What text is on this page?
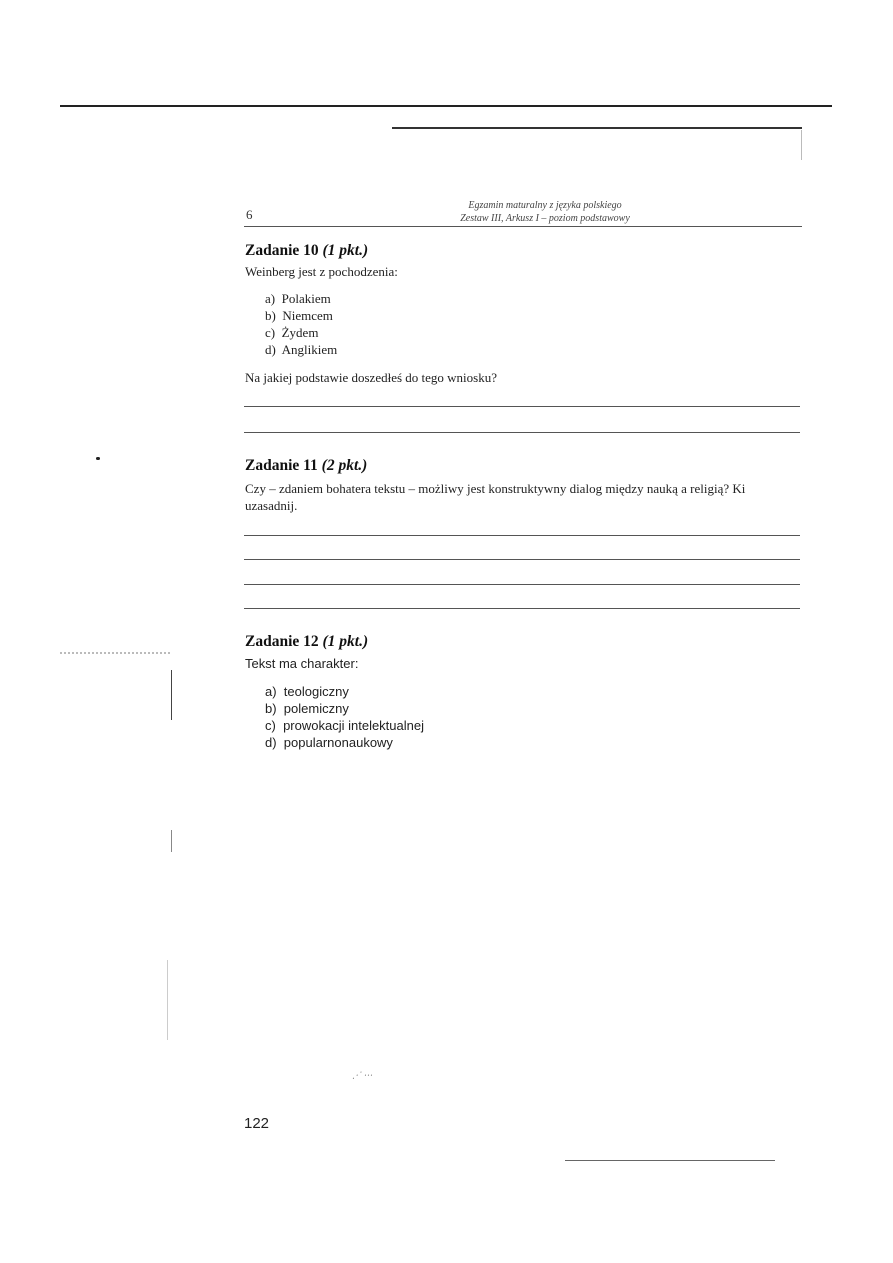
6
Egzamin maturalny z języka polskiego
Zestaw III, Arkusz I – poziom podstawowy
Zadanie 10 (1 pkt.)
Weinberg jest z pochodzenia:
a) Polakiem
b) Niemcem
c) Żydem
d) Anglikiem
Na jakiej podstawie doszedłeś do tego wniosku?
Zadanie 11 (2 pkt.)
Czy – zdaniem bohatera tekstu – możliwy jest konstruktywny dialog między nauką a religią? Ki
uzasadnij.
Zadanie 12 (1 pkt.)
Tekst ma charakter:
a) teologiczny
b) polemiczny
c) prowokacji intelektualnej
d) popularnonaukowy
⋰ ⋯
122
